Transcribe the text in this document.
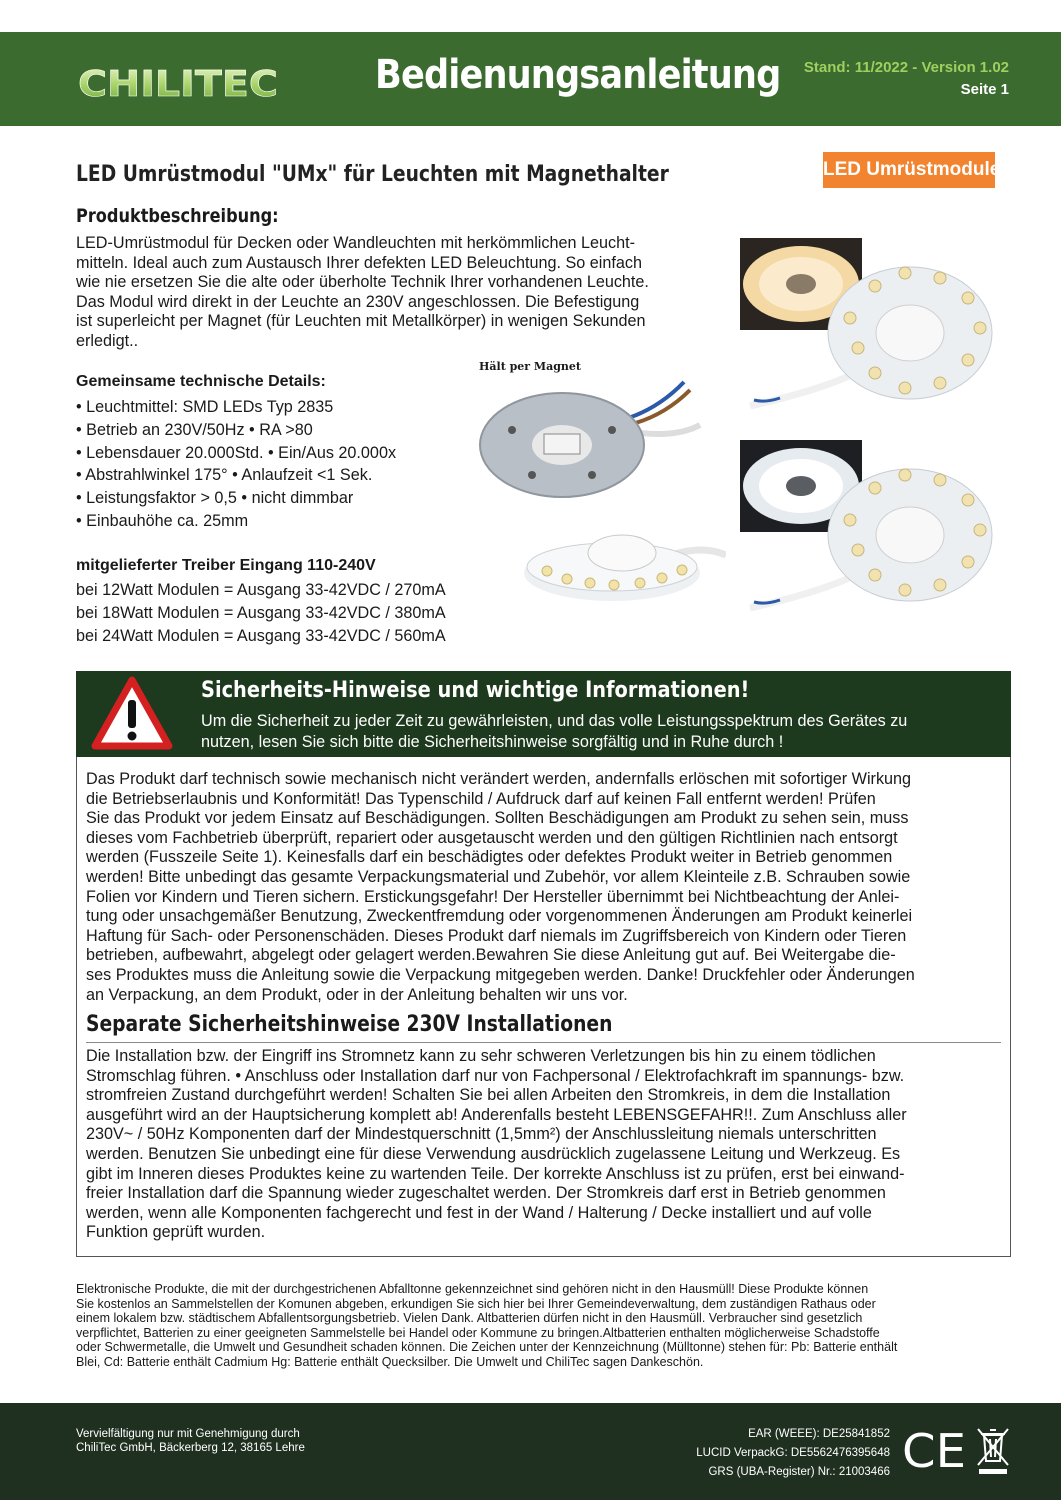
CHILITEC Bedienungsanleitung Stand: 11/2022 - Version 1.02
Seite 1
LED Umrüstmodul "UMx" für Leuchten mit Magnethalter	LED Umrüstmodule
Produktbeschreibung:
LED-Umrüstmodul für Decken oder Wandleuchten mit herkömmlichen Leucht-
mitteln. Ideal auch zum Austausch Ihrer defekten LED Beleuchtung. So einfach
wie nie ersetzen Sie die alte oder überholte Technik Ihrer vorhandenen Leuchte.
Das Modul wird direkt in der Leuchte an 230V angeschlossen. Die Befestigung
ist superleicht per Magnet (für Leuchten mit Metallkörper) in wenigen Sekunden
erledigt..
Gemeinsame technische Details:
• Leuchtmittel: SMD LEDs Typ 2835
• Betrieb an 230V/50Hz • RA >80
• Lebensdauer 20.000Std. • Ein/Aus 20.000x
• Abstrahlwinkel 175° • Anlaufzeit <1 Sek.
• Leistungsfaktor > 0,5 • nicht dimmbar
• Einbauhöhe ca. 25mm
mitgelieferter Treiber Eingang 110-240V
bei 12Watt Modulen = Ausgang 33-42VDC / 270mA
bei 18Watt Modulen = Ausgang 33-42VDC / 380mA
bei 24Watt Modulen = Ausgang 33-42VDC / 560mA
Hält per Magnet
Sicherheits-Hinweise und wichtige Informationen!
Um die Sicherheit zu jeder Zeit zu gewährleisten, und das volle Leistungsspektrum des Gerätes zu
nutzen, lesen Sie sich bitte die Sicherheitshinweise sorgfältig und in Ruhe durch !
Das Produkt darf technisch sowie mechanisch nicht verändert werden, andernfalls erlöschen mit sofortiger Wirkung
die Betriebserlaubnis und Konformität! Das Typenschild / Aufdruck darf auf keinen Fall entfernt werden! Prüfen
Sie das Produkt vor jedem Einsatz auf Beschädigungen. Sollten Beschädigungen am Produkt zu sehen sein, muss
dieses vom Fachbetrieb überprüft, repariert oder ausgetauscht werden und den gültigen Richtlinien nach entsorgt
werden (Fusszeile Seite 1). Keinesfalls darf ein beschädigtes oder defektes Produkt weiter in Betrieb genommen
werden! Bitte unbedingt das gesamte Verpackungsmaterial und Zubehör, vor allem Kleinteile z.B. Schrauben sowie
Folien vor Kindern und Tieren sichern. Erstickungsgefahr! Der Hersteller übernimmt bei Nichtbeachtung der Anlei-
tung oder unsachgemäßer Benutzung, Zweckentfremdung oder vorgenommenen Änderungen am Produkt keinerlei
Haftung für Sach- oder Personenschäden. Dieses Produkt darf niemals im Zugriffsbereich von Kindern oder Tieren
betrieben, aufbewahrt, abgelegt oder gelagert werden.Bewahren Sie diese Anleitung gut auf. Bei Weitergabe die-
ses Produktes muss die Anleitung sowie die Verpackung mitgegeben werden. Danke! Druckfehler oder Änderungen
an Verpackung, an dem Produkt, oder in der Anleitung behalten wir uns vor.
Separate Sicherheitshinweise 230V Installationen
Die Installation bzw. der Eingriff ins Stromnetz kann zu sehr schweren Verletzungen bis hin zu einem tödlichen
Stromschlag führen. • Anschluss oder Installation darf nur von Fachpersonal / Elektrofachkraft im spannungs- bzw.
stromfreien Zustand durchgeführt werden! Schalten Sie bei allen Arbeiten den Stromkreis, in dem die Installation
ausgeführt wird an der Hauptsicherung komplett ab! Anderenfalls besteht LEBENSGEFAHR!!. Zum Anschluss aller
230V~ / 50Hz Komponenten darf der Mindestquerschnitt (1,5mm²) der Anschlussleitung niemals unterschritten
werden. Benutzen Sie unbedingt eine für diese Verwendung ausdrücklich zugelassene Leitung und Werkzeug. Es
gibt im Inneren dieses Produktes keine zu wartenden Teile. Der korrekte Anschluss ist zu prüfen, erst bei einwand-
freier Installation darf die Spannung wieder zugeschaltet werden. Der Stromkreis darf erst in Betrieb genommen
werden, wenn alle Komponenten fachgerecht und fest in der Wand / Halterung / Decke installiert und auf volle
Funktion geprüft wurden.
Elektronische Produkte, die mit der durchgestrichenen Abfalltonne gekennzeichnet sind gehören nicht in den Hausmüll! Diese Produkte können
Sie kostenlos an Sammelstellen der Komunen abgeben, erkundigen Sie sich hier bei Ihrer Gemeindeverwaltung, dem zuständigen Rathaus oder
einem lokalem bzw. städtischem Abfallentsorgungsbetrieb. Vielen Dank. Altbatterien dürfen nicht in den Hausmüll. Verbraucher sind gesetzlich
verpflichtet, Batterien zu einer geeigneten Sammelstelle bei Handel oder Kommune zu bringen.Altbatterien enthalten möglicherweise Schadstoffe
oder Schwermetalle, die Umwelt und Gesundheit schaden können. Die Zeichen unter der Kennzeichnung (Mülltonne) stehen für: Pb: Batterie enthält
Blei, Cd: Batterie enthält Cadmium Hg: Batterie enthält Quecksilber. Die Umwelt und ChiliTec sagen Dankeschön.
Vervielfältigung nur mit Genehmigung durch
ChiliTec GmbH, Bäckerberg 12, 38165 Lehre
EAR (WEEE): DE25841852
LUCID VerpackG: DE5562476395648
GRS (UBA-Register) Nr.: 21003466 CE
